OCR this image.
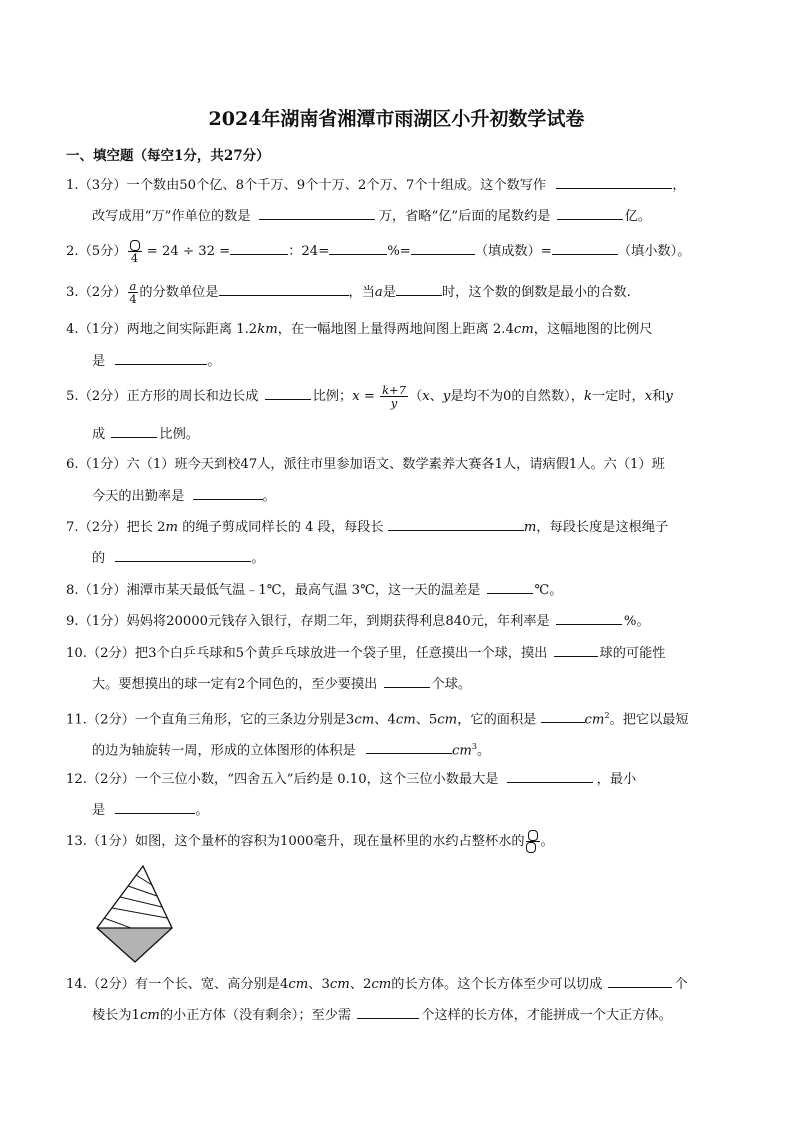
2024年湖南省湘潭市雨湖区小升初数学试卷
一、填空题（每空1分，共27分）
1.（3分）一个数由50个亿、8个千万、9个十万、2个万、7个十组成。这个数写作	，
改写成用“万”作单位的数是	万，省略“亿”后面的尾数约是	亿。
2.（5分） 4 = 24 ÷ 32 =	：24=	%=	（填成数）=	（填小数）。
3.（2分） $\frac{a}{4}$ 的分数单位是	，当a是	时，这个数的倒数是最小的合数.
4.（1分）两地之间实际距离 1.2km，在一幅地图上量得两地间图上距离 2.4cm，这幅地图的比例尺
是	。
5.（2分）正方形的周长和边长成	比例；$x = \frac{k+7}{y}(x$、y是均不为0的自然数），k一定时，x和y
成	比例。
6.（1分）六（1）班今天到校47人，派往市里参加语文、数学素养大赛各1人，请病假1人。六（1）班
今天的出勤率是	。
7.（2分）把长 2m 的绳子剪成同样长的 4 段，每段长	m，每段长度是这根绳子
的	。
8.（1分）湘潭市某天最低气温﹣1℃，最高气温 3℃，这一天的温差是	℃。
9.（1分）妈妈将20000元钱存入银行，存期二年，到期获得利息840元，年利率是	%。
10.（2分）把3个白乒乓球和5个黄乒乓球放进一个袋子里，任意摸出一个球，摸出	球的可能性
大。要想摸出的球一定有2个同色的，至少要摸出	个球。
11.（2分）一个直角三角形，它的三条边分别是3cm、4cm、5cm，它的面积是	$cm^2$。把它以最短
的边为轴旋转一周，形成的立体图形的体积是	$cm^3$。
12.（2分）一个三位小数，“四舍五入”后约是 0.10，这个三位小数最大是	，最小
是	。
13.（1分）如图，这个量杯的容积为1000毫升，现在量杯里的水约占整杯水的 。
14.（2分）有一个长、宽、高分别是4cm、3cm、2cm的长方体。这个长方体至少可以切成	个
棱长为1cm的小正方体（没有剩余）；至少需	个这样的长方体，才能拼成一个大正方体。
